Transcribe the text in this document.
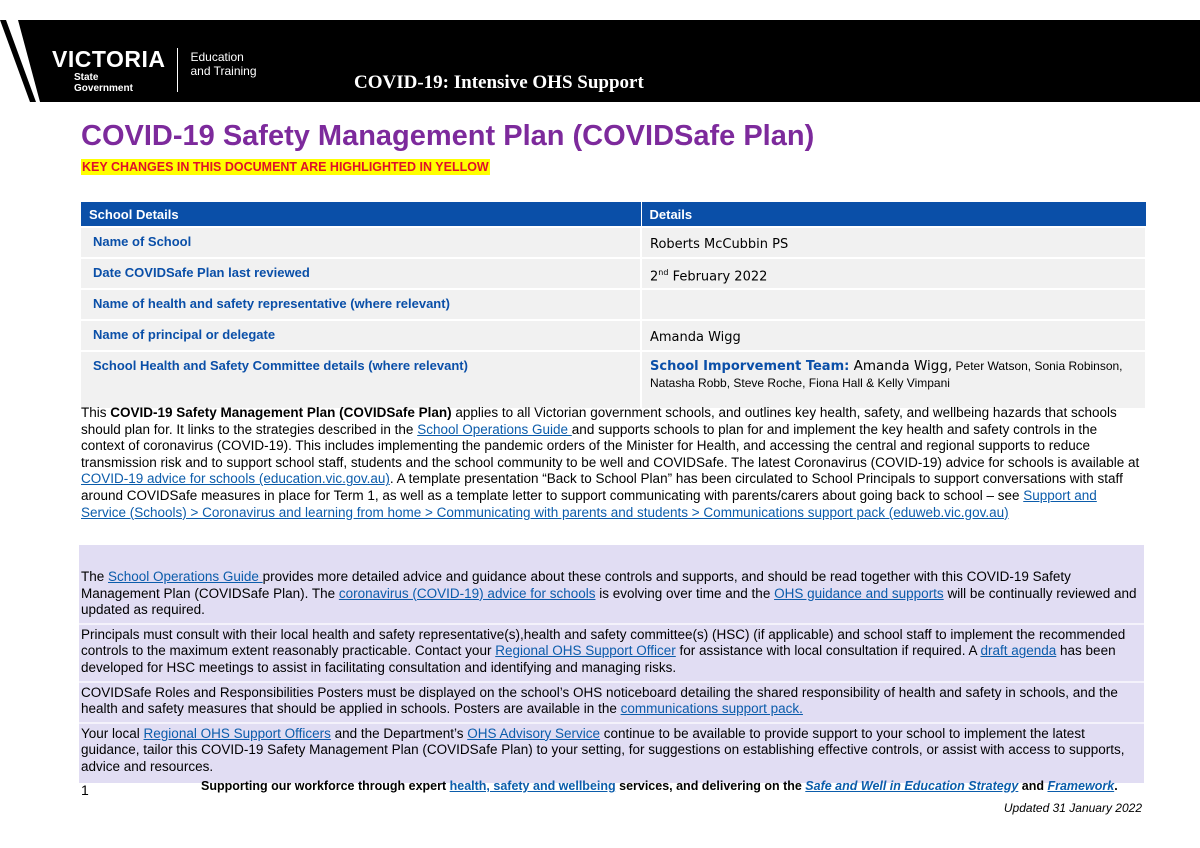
VICTORIA
State
Government
Education
and Training
COVID-19: Intensive OHS Support
COVID-19 Safety Management Plan (COVIDSafe Plan)
KEY CHANGES IN THIS DOCUMENT ARE HIGHLIGHTED IN YELLOW
School Details	Details
Name of School	Roberts McCubbin PS
Date COVIDSafe Plan last reviewed	2nd February 2022
Name of health and safety representative (where relevant)	
Name of principal or delegate	Amanda Wigg
School Health and Safety Committee details (where relevant)	School Imporvement Team: Amanda Wigg, Peter Watson, Sonia Robinson, Natasha Robb, Steve Roche, Fiona Hall & Kelly Vimpani

This COVID-19 Safety Management Plan (COVIDSafe Plan) applies to all Victorian government schools, and outlines key health, safety, and wellbeing hazards that schools should plan for. It links to the strategies described in the School Operations Guide and supports schools to plan for and implement the key health and safety controls in the context of coronavirus (COVID-19). This includes implementing the pandemic orders of the Minister for Health, and accessing the central and regional supports to reduce transmission risk and to support school staff, students and the school community to be well and COVIDSafe. The latest Coronavirus (COVID-19) advice for schools is available at COVID-19 advice for schools (education.vic.gov.au). A template presentation “Back to School Plan” has been circulated to School Principals to support conversations with staff around COVIDSafe measures in place for Term 1, as well as a template letter to support communicating with parents/carers about going back to school – see Support and Service (Schools) > Coronavirus and learning from home > Communicating with parents and students > Communications support pack (eduweb.vic.gov.au)

The School Operations Guide provides more detailed advice and guidance about these controls and supports, and should be read together with this COVID-19 Safety Management Plan (COVIDSafe Plan). The coronavirus (COVID-19) advice for schools is evolving over time and the OHS guidance and supports will be continually reviewed and updated as required.

Principals must consult with their local health and safety representative(s),health and safety committee(s) (HSC) (if applicable) and school staff to implement the recommended controls to the maximum extent reasonably practicable. Contact your Regional OHS Support Officer for assistance with local consultation if required. A draft agenda has been developed for HSC meetings to assist in facilitating consultation and identifying and managing risks.

COVIDSafe Roles and Responsibilities Posters must be displayed on the school’s OHS noticeboard detailing the shared responsibility of health and safety in schools, and the health and safety measures that should be applied in schools. Posters are available in the communications support pack.

Your local Regional OHS Support Officers and the Department’s OHS Advisory Service continue to be available to provide support to your school to implement the latest guidance, tailor this COVID-19 Safety Management Plan (COVIDSafe Plan) to your setting, for suggestions on establishing effective controls, or assist with access to supports, advice and resources.

1	Supporting our workforce through expert health, safety and wellbeing services, and delivering on the Safe and Well in Education Strategy and Framework.
Updated 31 January 2022
